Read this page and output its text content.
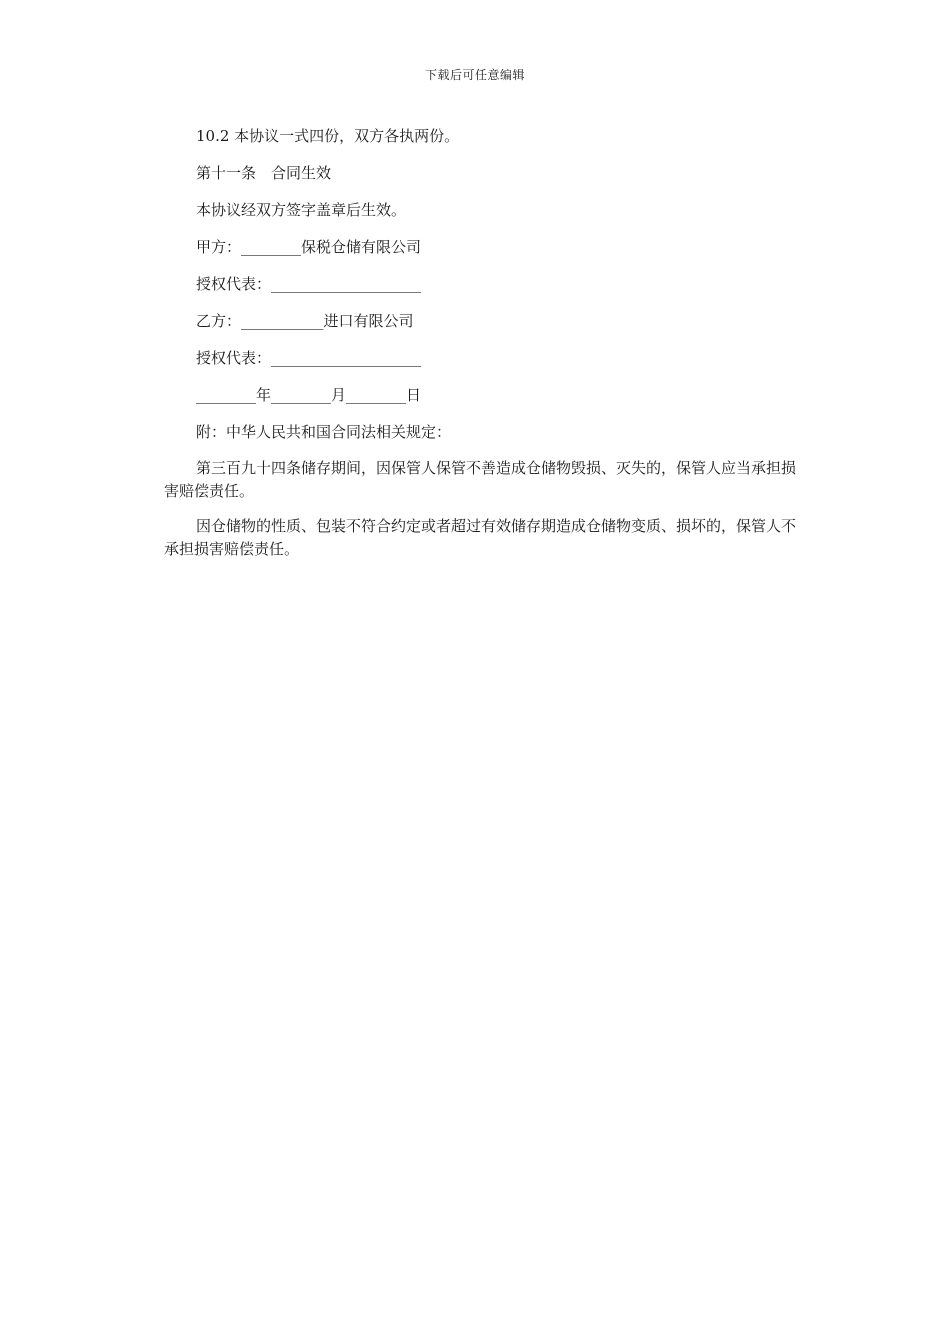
下载后可任意编辑

10.2 本协议一式四份，双方各执两份。

第十一条　合同生效

本协议经双方签字盖章后生效。

甲方：________保税仓储有限公司

授权代表：____________________

乙方：___________进口有限公司

授权代表：____________________

________年________月________日

附：中华人民共和国合同法相关规定：

第三百九十四条储存期间，因保管人保管不善造成仓储物毁损、灭失的，保管人应当承担损害赔偿责任。

因仓储物的性质、包装不符合约定或者超过有效储存期造成仓储物变质、损坏的，保管人不承担损害赔偿责任。
